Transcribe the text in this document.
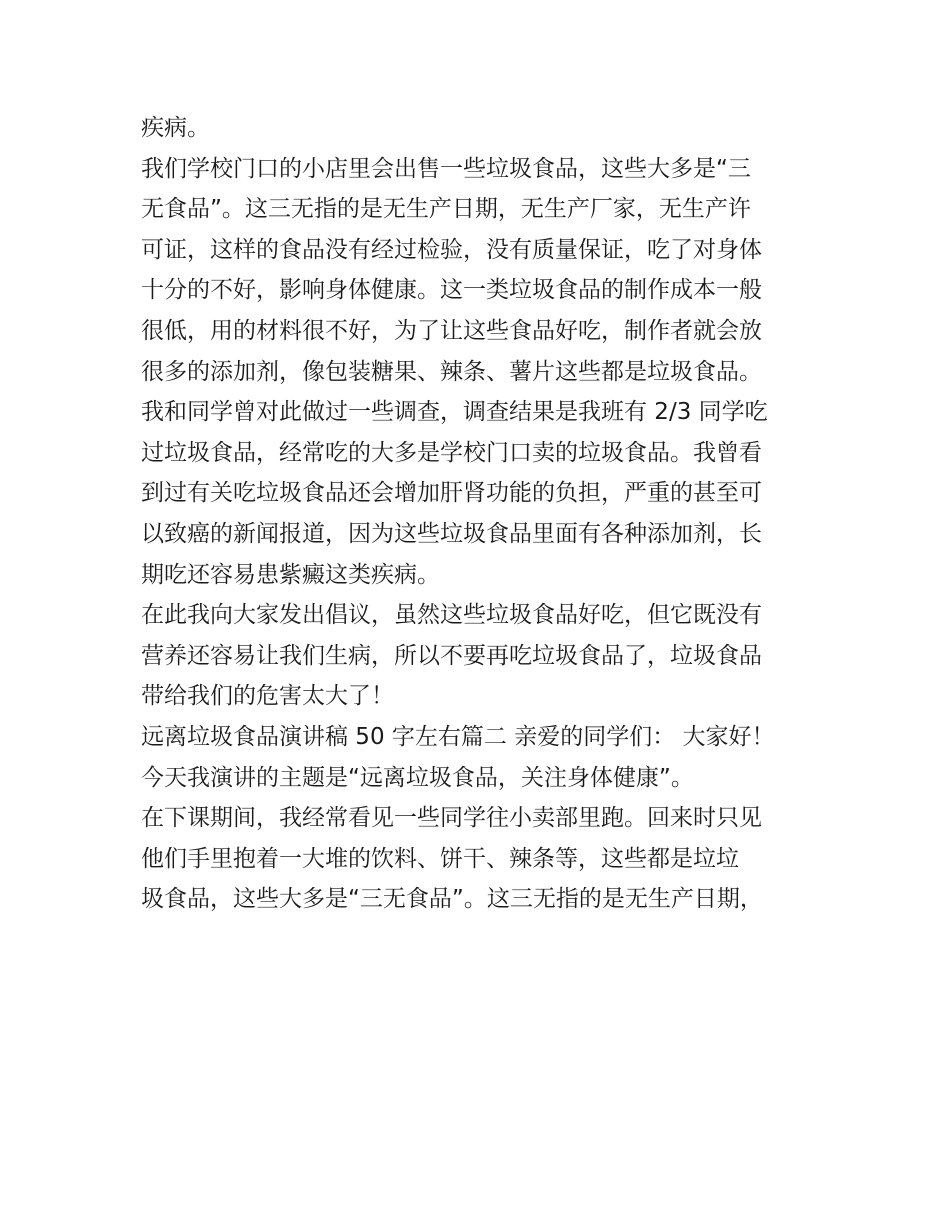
疾病。
我们学校门口的小店里会出售一些垃圾食品，这些大多是“三
无食品”。这三无指的是无生产日期，无生产厂家，无生产许
可证，这样的食品没有经过检验，没有质量保证，吃了对身体
十分的不好，影响身体健康。这一类垃圾食品的制作成本一般
很低，用的材料很不好，为了让这些食品好吃，制作者就会放
很多的添加剂，像包装糖果、辣条、薯片这些都是垃圾食品。
我和同学曾对此做过一些调查，调查结果是我班有 2/3 同学吃
过垃圾食品，经常吃的大多是学校门口卖的垃圾食品。我曾看
到过有关吃垃圾食品还会增加肝肾功能的负担，严重的甚至可
以致癌的新闻报道，因为这些垃圾食品里面有各种添加剂，长
期吃还容易患紫癜这类疾病。
在此我向大家发出倡议，虽然这些垃圾食品好吃，但它既没有
营养还容易让我们生病，所以不要再吃垃圾食品了，垃圾食品
带给我们的危害太大了！
远离垃圾食品演讲稿 50 字左右篇二 亲爱的同学们： 大家好！
今天我演讲的主题是“远离垃圾食品，关注身体健康”。
在下课期间，我经常看见一些同学往小卖部里跑。回来时只见
他们手里抱着一大堆的饮料、饼干、辣条等，这些都是垃垃
圾食品，这些大多是“三无食品”。这三无指的是无生产日期，
